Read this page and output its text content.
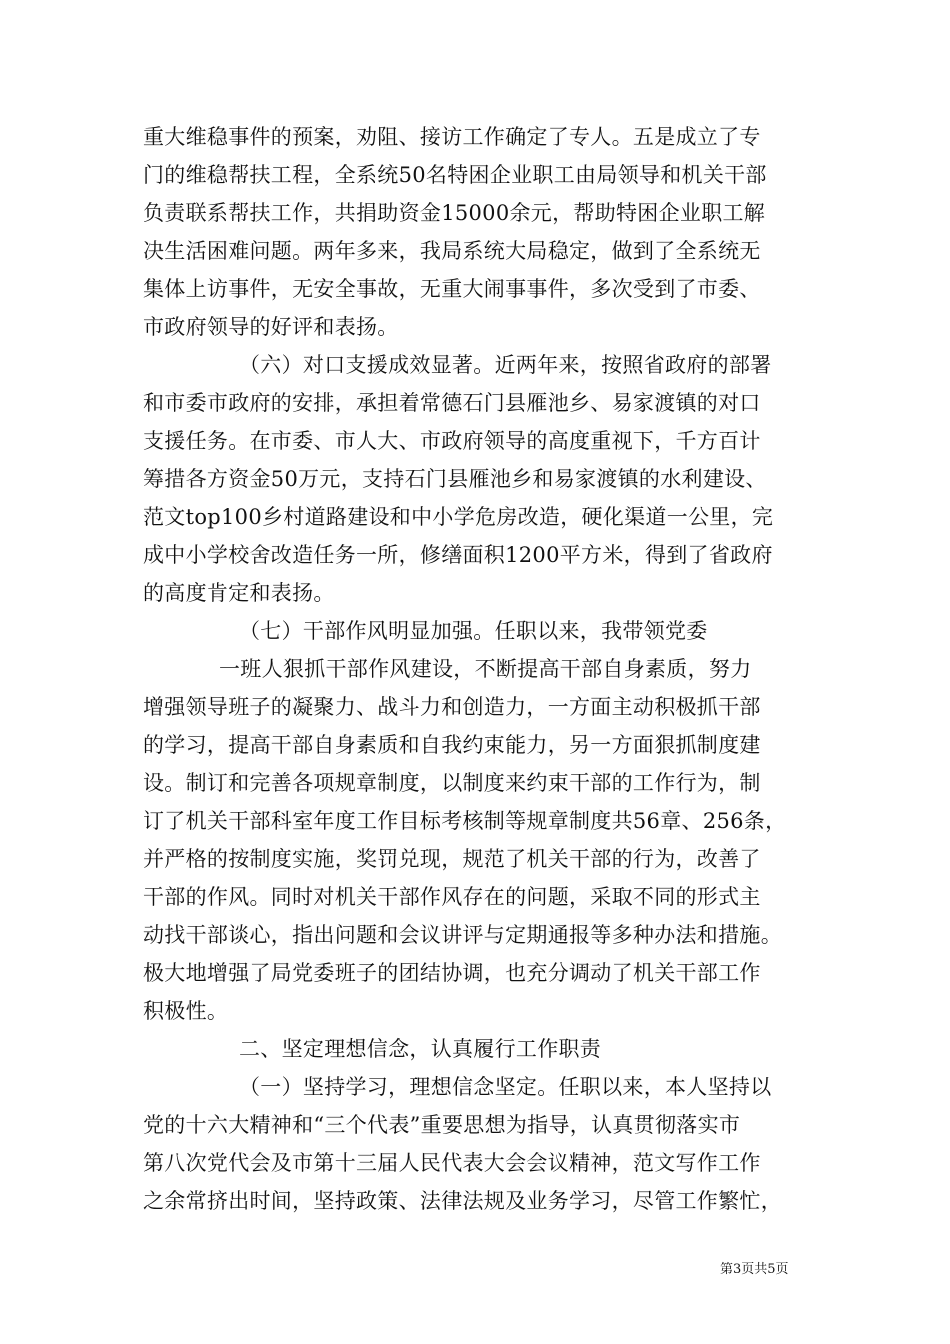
重大维稳事件的预案，劝阻、接访工作确定了专人。五是成立了专
门的维稳帮扶工程，全系统50名特困企业职工由局领导和机关干部
负责联系帮扶工作，共捐助资金15000余元，帮助特困企业职工解
决生活困难问题。两年多来，我局系统大局稳定，做到了全系统无
集体上访事件，无安全事故，无重大闹事事件，多次受到了市委、
市政府领导的好评和表扬。
（六）对口支援成效显著。近两年来，按照省政府的部署
和市委市政府的安排，承担着常德石门县雁池乡、易家渡镇的对口
支援任务。在市委、市人大、市政府领导的高度重视下，千方百计
筹措各方资金50万元，支持石门县雁池乡和易家渡镇的水利建设、
范文top100乡村道路建设和中小学危房改造，硬化渠道一公里，完
成中小学校舍改造任务一所，修缮面积1200平方米，得到了省政府
的高度肯定和表扬。
（七）干部作风明显加强。任职以来，我带领党委
一班人狠抓干部作风建设，不断提高干部自身素质，努力
增强领导班子的凝聚力、战斗力和创造力，一方面主动积极抓干部
的学习，提高干部自身素质和自我约束能力，另一方面狠抓制度建
设。制订和完善各项规章制度，以制度来约束干部的工作行为，制
订了机关干部科室年度工作目标考核制等规章制度共56章、256条，
并严格的按制度实施，奖罚兑现，规范了机关干部的行为，改善了
干部的作风。同时对机关干部作风存在的问题，采取不同的形式主
动找干部谈心，指出问题和会议讲评与定期通报等多种办法和措施。
极大地增强了局党委班子的团结协调，也充分调动了机关干部工作
积极性。
二、坚定理想信念，认真履行工作职责
（一）坚持学习，理想信念坚定。任职以来，本人坚持以
党的十六大精神和“三个代表”重要思想为指导，认真贯彻落实市
第八次党代会及市第十三届人民代表大会会议精神，范文写作工作
之余常挤出时间，坚持政策、法律法规及业务学习，尽管工作繁忙，
第3页共5页
